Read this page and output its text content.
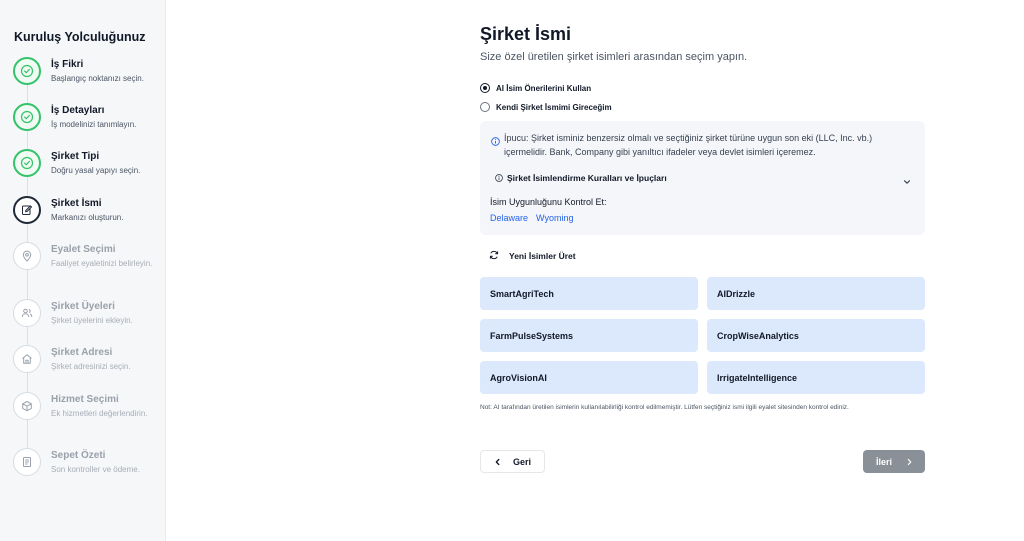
Kuruluş Yolculuğunuz
İş Fikri
Başlangıç noktanızı seçin.
İş Detayları
İş modelinizi tanımlayın.
Şirket Tipi
Doğru yasal yapıyı seçin.
Şirket İsmi
Markanızı oluşturun.
Eyalet Seçimi
Faaliyet eyaletinizi belirleyin.
Şirket Üyeleri
Şirket üyelerini ekleyin.
Şirket Adresi
Şirket adresinizi seçin.
Hizmet Seçimi
Ek hizmetleri değerlendirin.
Sepet Özeti
Son kontroller ve ödeme.
Şirket İsmi

Size özel üretilen şirket isimleri arasından seçim yapın.

AI İsim Önerilerini Kullan
Kendi Şirket İsmimi Gireceğim

İpucu: Şirket isminiz benzersiz olmalı ve seçtiğiniz şirket türüne uygun son eki (LLC, Inc. vb.) içermelidir. Bank, Company gibi yanıltıcı ifadeler veya devlet isimleri içeremez.

Şirket İsimlendirme Kuralları ve İpuçları
İsim Uygunluğunu Kontrol Et:
Delaware Wyoming
Yeni İsimler Üret
SmartAgriTech	AIDrizzle
FarmPulseSystems	CropWiseAnalytics
AgroVisionAI	IrrigateIntelligence

Not: AI tarafından üretilen isimlerin kullanılabilirliği kontrol edilmemiştir. Lütfen seçtiğiniz ismi ilgili eyalet sitesinden kontrol ediniz.

Geri	İleri
